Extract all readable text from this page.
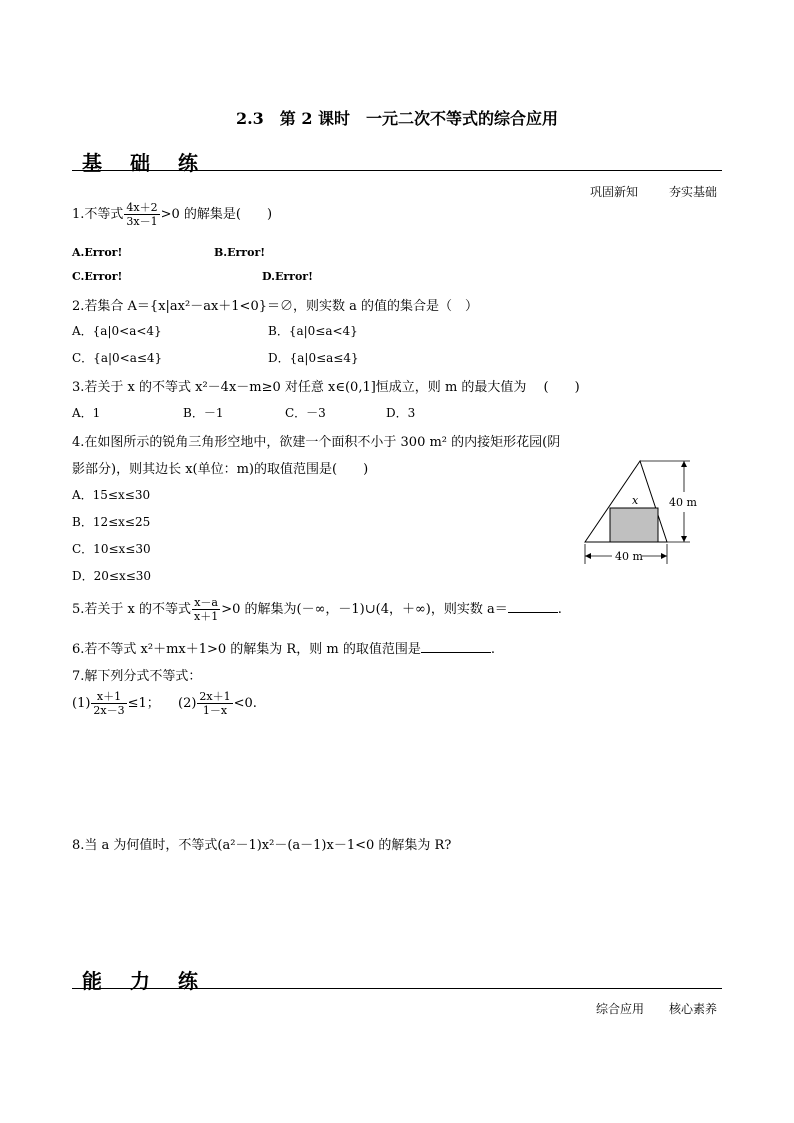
2.3　第 2 课时　一元二次不等式的综合应用
基础练
巩固新知	夯实基础
1.不等式 $\frac{4x+2}{3x-1} >0$ 的解集是(　　)
A.Error!	B.Error!
C.Error!	D.Error!
2.若集合 A＝{x|ax²－ax＋1<0}＝∅，则实数 a 的值的集合是（　）
A．{a|0<a<4}	B．{a|0≤a<4}
C．{a|0<a≤4}	D．{a|0≤a≤4}
3.若关于 x 的不等式 x²－4x－m≥0 对任意 x∈(0,1]恒成立，则 m 的最大值为　 (　　)
A．1	B．－1	C．－3	D．3
4.在如图所示的锐角三角形空地中，欲建一个面积不小于 300 m² 的内接矩形花园(阴
影部分)，则其边长 x(单位：m)的取值范围是(　　)
A．15≤x≤30
B．12≤x≤25
C．10≤x≤30
D．20≤x≤30
40 m
x
40 m
5.若关于 x 的不等式 $\frac{x-a}{x+1} >0$ 的解集为(－∞，－1)∪(4，＋∞)，则实数 a＝	.
6.若不等式 x²＋mx＋1>0 的解集为 R，则 m 的取值范围是	.
7.解下列分式不等式：
$(1) \frac{x+1}{2x-3} \le 1$； $(2) \frac{2x+1}{1-x} <0$.
8.当 a 为何值时，不等式(a²－1)x²－(a－1)x－1<0 的解集为 R?
能力练
综合应用 核心素养
